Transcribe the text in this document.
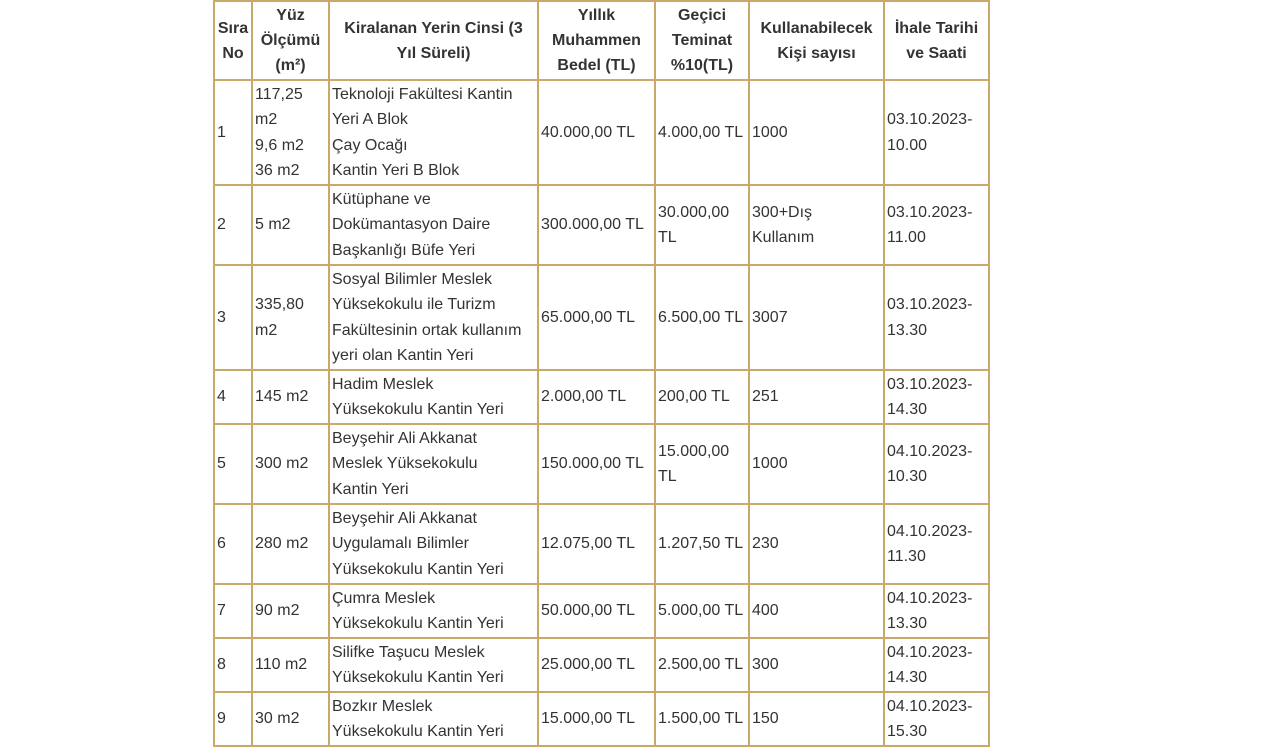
Sıra
No	Yüz
Ölçümü
(m²)	Kiralanan Yerin Cinsi (3
Yıl Süreli)	Yıllık
Muhammen
Bedel (TL)	Geçici
Teminat
%10(TL)	Kullanabilecek
Kişi sayısı	İhale Tarihi
ve Saati

1	117,25
m2
9,6 m2
36 m2	Teknoloji Fakültesi Kantin
Yeri A Blok
Çay Ocağı
Kantin Yeri B Blok	40.000,00 TL	4.000,00 TL	1000	03.10.2023-
10.00

2	5 m2	Kütüphane ve
Dokümantasyon Daire
Başkanlığı Büfe Yeri	300.000,00 TL	30.000,00
TL	300+Dış
Kullanım	03.10.2023-
11.00

3	335,80
m2	Sosyal Bilimler Meslek
Yüksekokulu ile Turizm
Fakültesinin ortak kullanım
yeri olan Kantin Yeri	65.000,00 TL	6.500,00 TL	3007	03.10.2023-
13.30

4	145 m2	Hadim Meslek
Yüksekokulu Kantin Yeri	2.000,00 TL	200,00 TL	251	03.10.2023-
14.30

5	300 m2	Beyşehir Ali Akkanat
Meslek Yüksekokulu
Kantin Yeri	150.000,00 TL	15.000,00
TL	1000	04.10.2023-
10.30

6	280 m2	Beyşehir Ali Akkanat
Uygulamalı Bilimler
Yüksekokulu Kantin Yeri	12.075,00 TL	1.207,50 TL	230	04.10.2023-
11.30

7	90 m2	Çumra Meslek
Yüksekokulu Kantin Yeri	50.000,00 TL	5.000,00 TL	400	04.10.2023-
13.30

8	110 m2	Silifke Taşucu Meslek
Yüksekokulu Kantin Yeri	25.000,00 TL	2.500,00 TL	300	04.10.2023-
14.30

9	30 m2	Bozkır Meslek
Yüksekokulu Kantin Yeri	15.000,00 TL	1.500,00 TL	150	04.10.2023-
15.30
